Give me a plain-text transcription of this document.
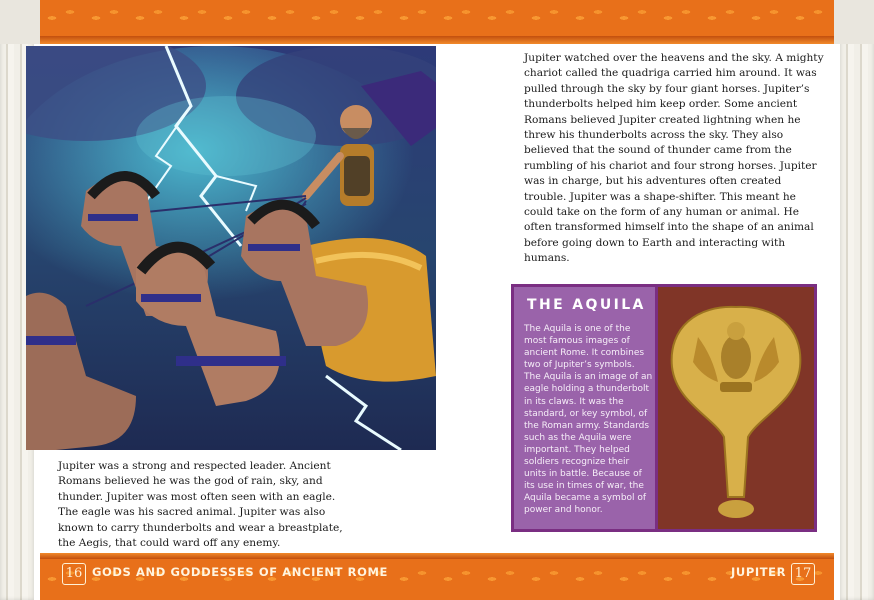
Jupiter watched over the heavens and the sky. A mighty chariot called the quadriga carried him around. It was pulled through the sky by four giant horses. Jupiter’s thunderbolts helped him keep order. Some ancient Romans believed Jupiter created lightning when he threw his thunderbolts across the sky. They also believed that the sound of thunder came from the rumbling of his chariot and four strong horses. Jupiter was in charge, but his adventures often created trouble. Jupiter was a shape-shifter. This meant he could take on the form of any human or animal. He often transformed himself into the shape of an animal before going down to Earth and interacting with humans.

Jupiter was a strong and respected leader. Ancient Romans believed he was the god of rain, sky, and thunder. Jupiter was most often seen with an eagle. The eagle was his sacred animal. Jupiter was also known to carry thunderbolts and wear a breastplate, the Aegis, that could ward off any enemy.

THE AQUILA

The Aquila is one of the most famous images of ancient Rome. It combines two of Jupiter’s symbols. The Aquila is an image of an eagle holding a thunderbolt in its claws. It was the standard, or key symbol, of the Roman army. Standards such as the Aquila were important. They helped soldiers recognize their units in battle. Because of its use in times of war, the Aquila became a symbol of power and honor.

16 GODS AND GODDESSES OF ANCIENT ROME	JUPITER 17
